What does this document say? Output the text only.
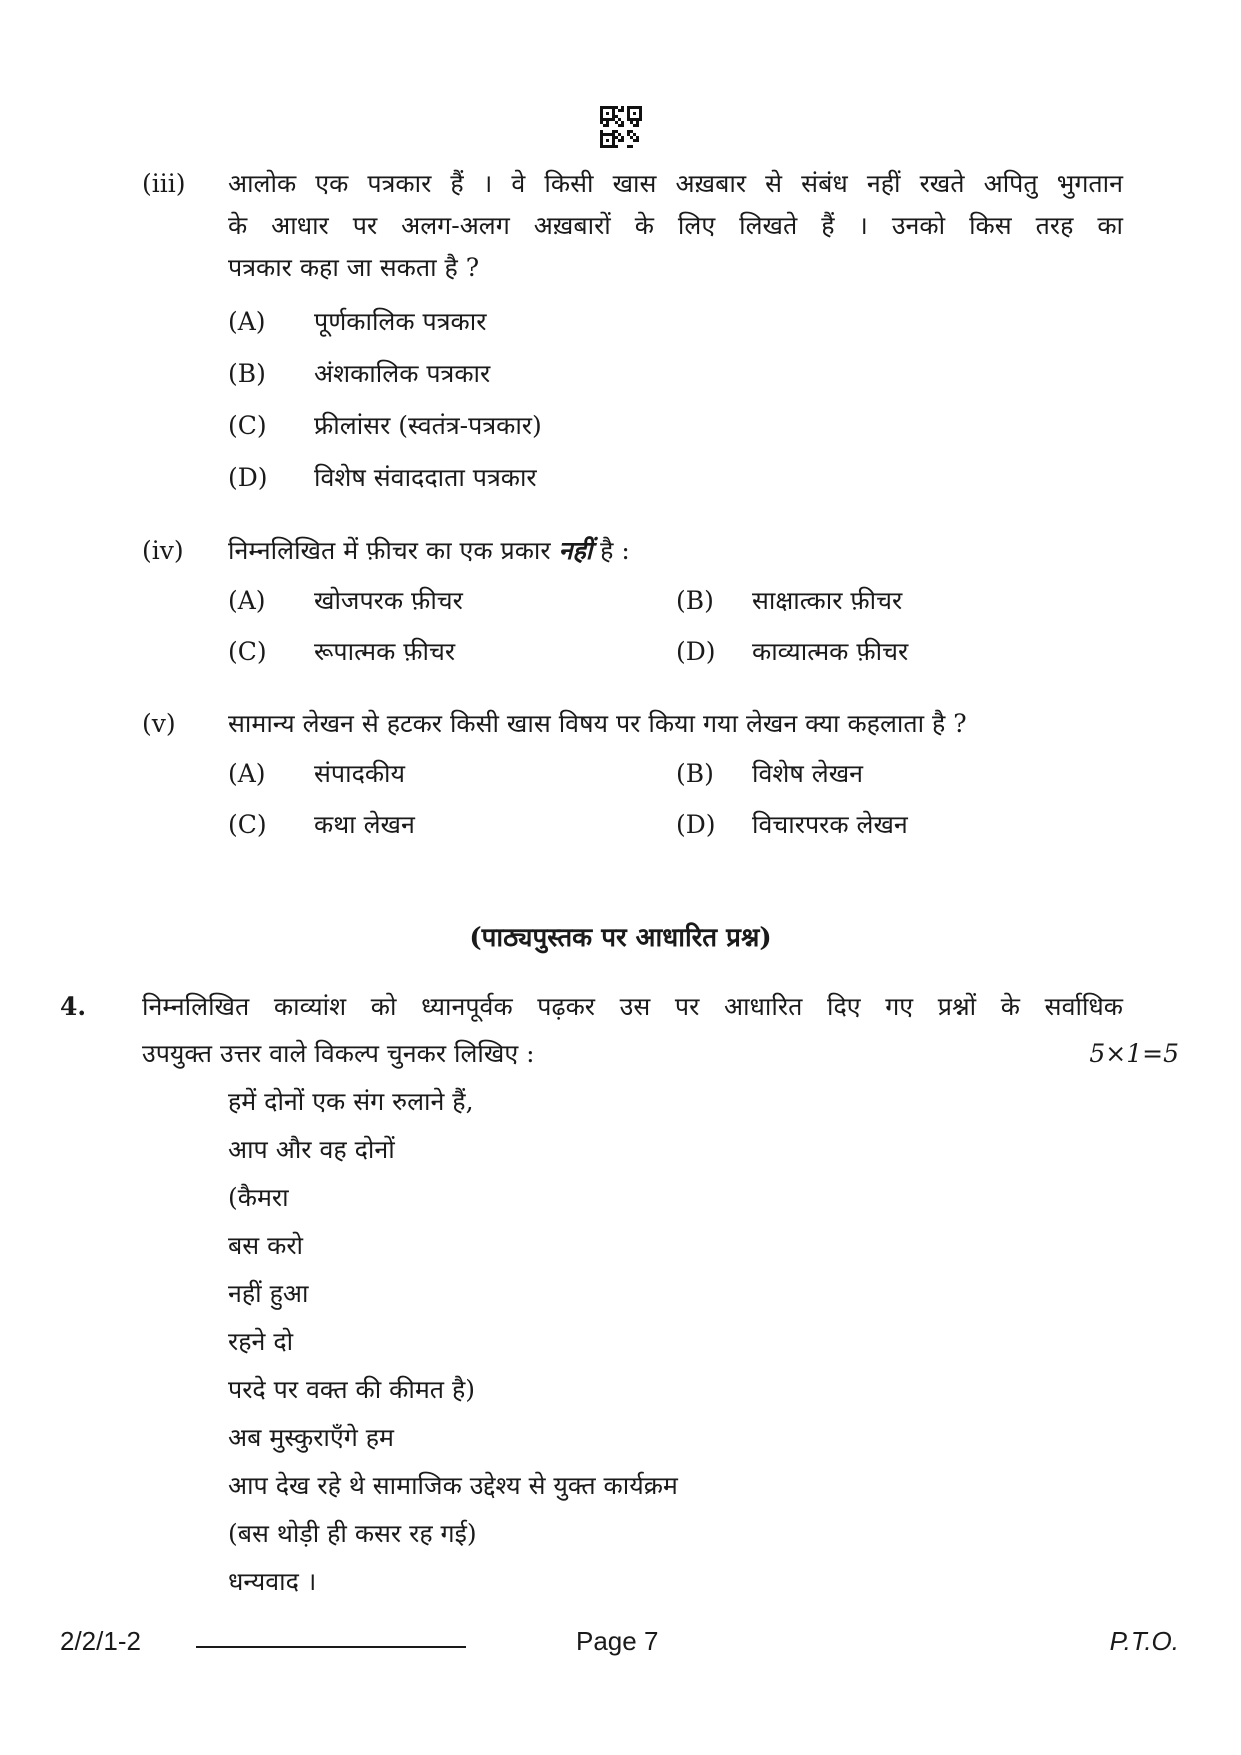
(iii) आलोक एक पत्रकार हैं । वे किसी खास अख़बार से संबंध नहीं रखते अपितु भुगतान
के आधार पर अलग-अलग अख़बारों के लिए लिखते हैं । उनको किस तरह का
पत्रकार कहा जा सकता है ?
(A) पूर्णकालिक पत्रकार
(B) अंशकालिक पत्रकार
(C) फ्रीलांसर (स्वतंत्र-पत्रकार)
(D) विशेष संवाददाता पत्रकार
(iv) निम्नलिखित में फ़ीचर का एक प्रकार नहीं है :
(A) खोजपरक फ़ीचर	(B) साक्षात्कार फ़ीचर
(C) रूपात्मक फ़ीचर	(D) काव्यात्मक फ़ीचर
(v) सामान्य लेखन से हटकर किसी खास विषय पर किया गया लेखन क्या कहलाता है ?
(A) संपादकीय	(B) विशेष लेखन
(C) कथा लेखन	(D) विचारपरक लेखन
(पाठ्यपुस्तक पर आधारित प्रश्न)
4. निम्नलिखित काव्यांश को ध्यानपूर्वक पढ़कर उस पर आधारित दिए गए प्रश्नों के सर्वाधिक
उपयुक्त उत्तर वाले विकल्प चुनकर लिखिए :	5×1=5
हमें दोनों एक संग रुलाने हैं,
आप और वह दोनों
(कैमरा
बस करो
नहीं हुआ
रहने दो
परदे पर वक्त की कीमत है)
अब मुस्कुराएँगे हम
आप देख रहे थे सामाजिक उद्देश्य से युक्त कार्यक्रम
(बस थोड़ी ही कसर रह गई)
धन्यवाद ।
2/2/1-2	Page 7	P.T.O.
